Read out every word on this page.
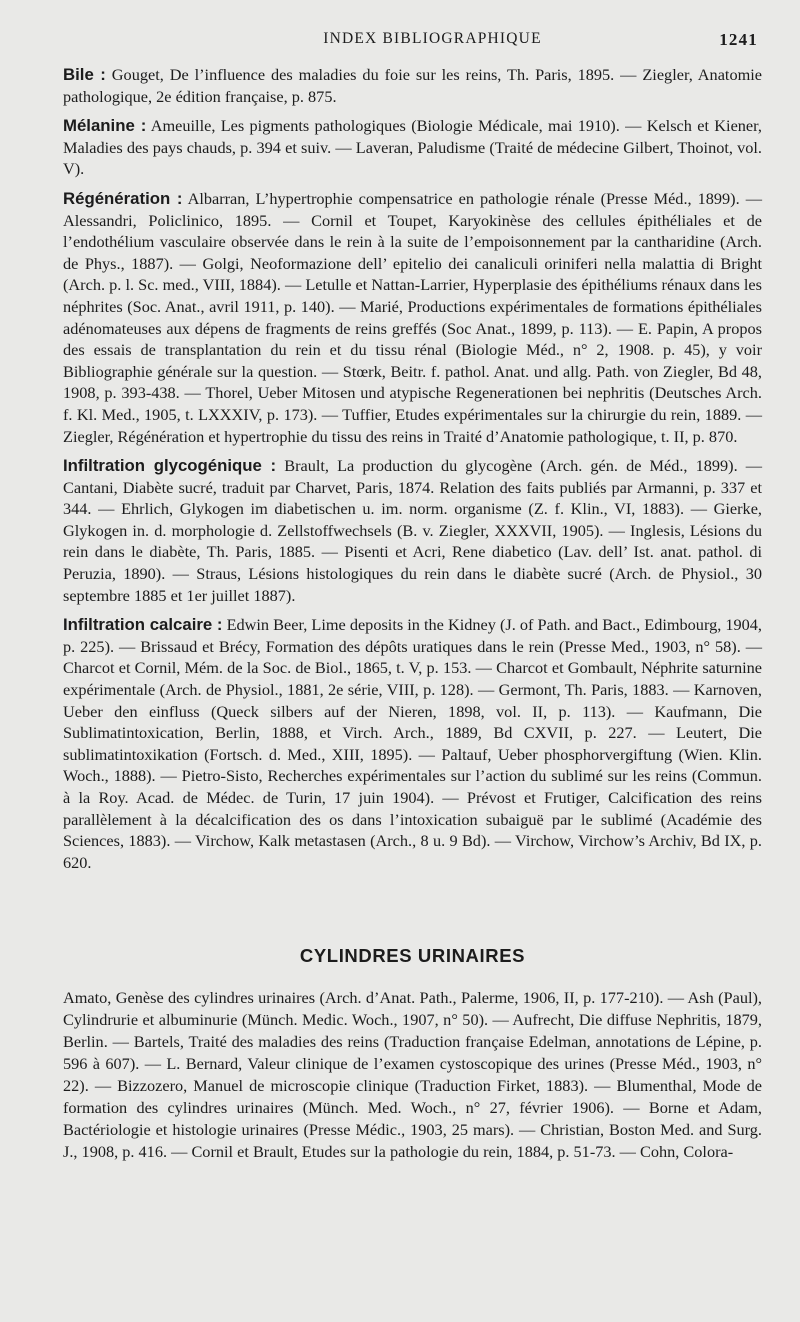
INDEX BIBLIOGRAPHIQUE	1241

Bile : Gouget, De l’influence des maladies du foie sur les reins, Th. Paris, 1895. — Ziegler, Anatomie pathologique, 2e édition française, p. 875.

Mélanine : Ameuille, Les pigments pathologiques (Biologie Médicale, mai 1910). — Kelsch et Kiener, Maladies des pays chauds, p. 394 et suiv. — Laveran, Paludisme (Traité de médecine Gilbert, Thoinot, vol. V).

Régénération : Albarran, L’hypertrophie compensatrice en pathologie rénale (Presse Méd., 1899). — Alessandri, Policlinico, 1895. — Cornil et Toupet, Karyokinèse des cellules épithéliales et de l’endothélium vasculaire observée dans le rein à la suite de l’empoisonnement par la cantharidine (Arch. de Phys., 1887). — Golgi, Neoformazione dell’ epitelio dei canaliculi oriniferi nella malattia di Bright (Arch. p. l. Sc. med., VIII, 1884). — Letulle et Nattan-Larrier, Hyperplasie des épithéliums rénaux dans les néphrites (Soc. Anat., avril 1911, p. 140). — Marié, Productions expérimentales de formations épithéliales adénomateuses aux dépens de fragments de reins greffés (Soc Anat., 1899, p. 113). — E. Papin, A propos des essais de transplantation du rein et du tissu rénal (Biologie Méd., n° 2, 1908. p. 45), y voir Bibliographie générale sur la question. — Stœrk, Beitr. f. pathol. Anat. und allg. Path. von Ziegler, Bd 48, 1908, p. 393-438. — Thorel, Ueber Mitosen und atypische Regenerationen bei nephritis (Deutsches Arch. f. Kl. Med., 1905, t. LXXXIV, p. 173). — Tuffier, Etudes expérimentales sur la chirurgie du rein, 1889. — Ziegler, Régénération et hypertrophie du tissu des reins in Traité d’Anatomie pathologique, t. II, p. 870.

Infiltration glycogénique : Brault, La production du glycogène (Arch. gén. de Méd., 1899). — Cantani, Diabète sucré, traduit par Charvet, Paris, 1874. Relation des faits publiés par Armanni, p. 337 et 344. — Ehrlich, Glykogen im diabetischen u. im. norm. organisme (Z. f. Klin., VI, 1883). — Gierke, Glykogen in. d. morphologie d. Zellstoffwechsels (B. v. Ziegler, XXXVII, 1905). — Inglesis, Lésions du rein dans le diabète, Th. Paris, 1885. — Pisenti et Acri, Rene diabetico (Lav. dell’ Ist. anat. pathol. di Peruzia, 1890). — Straus, Lésions histologiques du rein dans le diabète sucré (Arch. de Physiol., 30 septembre 1885 et 1er juillet 1887).

Infiltration calcaire : Edwin Beer, Lime deposits in the Kidney (J. of Path. and Bact., Edimbourg, 1904, p. 225). — Brissaud et Brécy, Formation des dépôts uratiques dans le rein (Presse Med., 1903, n° 58). — Charcot et Cornil, Mém. de la Soc. de Biol., 1865, t. V, p. 153. — Charcot et Gombault, Néphrite saturnine expérimentale (Arch. de Physiol., 1881, 2e série, VIII, p. 128). — Germont, Th. Paris, 1883. — Karnoven, Ueber den einfluss (Queck silbers auf der Nieren, 1898, vol. II, p. 113). — Kaufmann, Die Sublimatintoxication, Berlin, 1888, et Virch. Arch., 1889, Bd CXVII, p. 227. — Leutert, Die sublimatintoxikation (Fortsch. d. Med., XIII, 1895). — Paltauf, Ueber phosphorvergiftung (Wien. Klin. Woch., 1888). — Pietro-Sisto, Recherches expérimentales sur l’action du sublimé sur les reins (Commun. à la Roy. Acad. de Médec. de Turin, 17 juin 1904). — Prévost et Frutiger, Calcification des reins parallèlement à la décalcification des os dans l’intoxication subaiguë par le sublimé (Académie des Sciences, 1883). — Virchow, Kalk metastasen (Arch., 8 u. 9 Bd). — Virchow, Virchow’s Archiv, Bd IX, p. 620.

CYLINDRES URINAIRES

Amato, Genèse des cylindres urinaires (Arch. d’Anat. Path., Palerme, 1906, II, p. 177-210). — Ash (Paul), Cylindrurie et albuminurie (Münch. Medic. Woch., 1907, n° 50). — Aufrecht, Die diffuse Nephritis, 1879, Berlin. — Bartels, Traité des maladies des reins (Traduction française Edelman, annotations de Lépine, p. 596 à 607). — L. Bernard, Valeur clinique de l’examen cystoscopique des urines (Presse Méd., 1903, n° 22). — Bizzozero, Manuel de microscopie clinique (Traduction Firket, 1883). — Blumenthal, Mode de formation des cylindres urinaires (Münch. Med. Woch., n° 27, février 1906). — Borne et Adam, Bactériologie et histologie urinaires (Presse Médic., 1903, 25 mars). — Christian, Boston Med. and Surg. J., 1908, p. 416. — Cornil et Brault, Etudes sur la pathologie du rein, 1884, p. 51-73. — Cohn, Colora-
